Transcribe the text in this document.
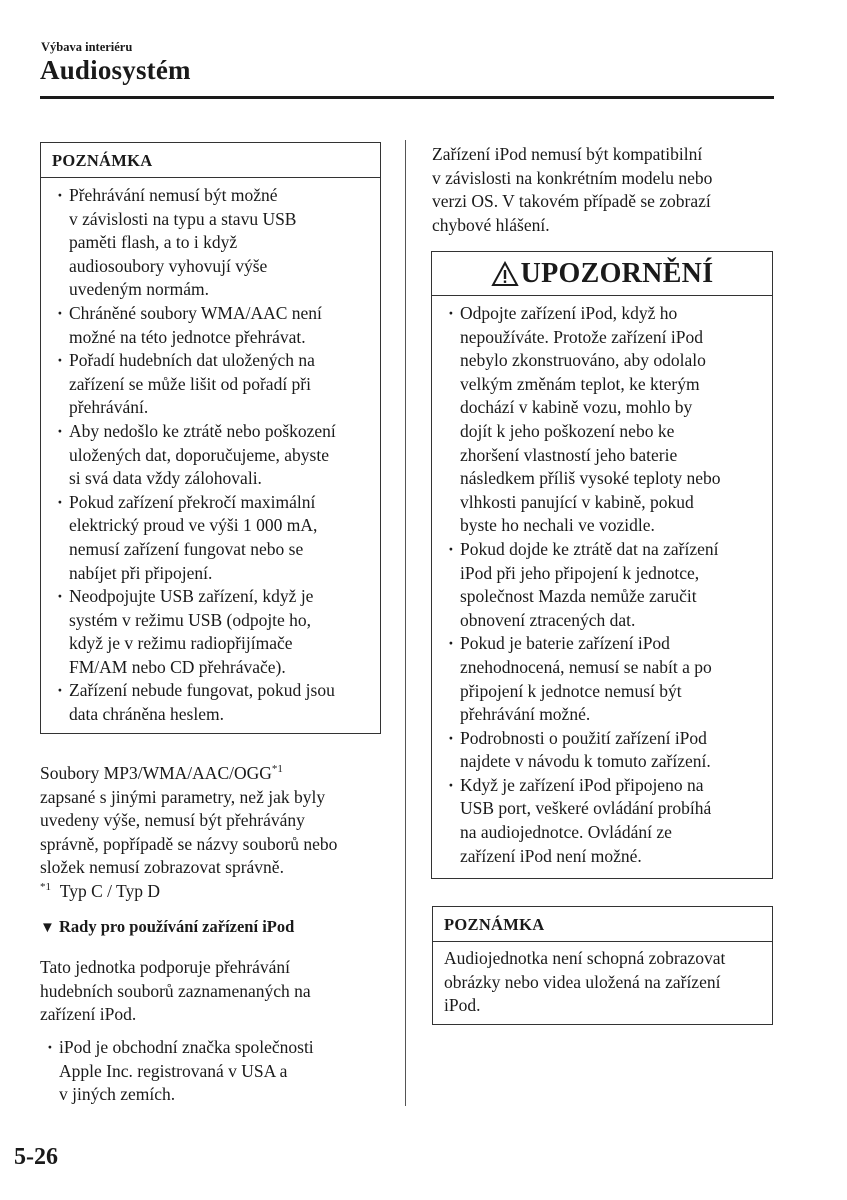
Výbava interiéru
Audiosystém
POZNÁMKA
· Přehrávání nemusí být možné
v závislosti na typu a stavu USB
paměti flash, a to i když
audiosoubory vyhovují výše
uvedeným normám.
· Chráněné soubory WMA/AAC není
možné na této jednotce přehrávat.
· Pořadí hudebních dat uložených na
zařízení se může lišit od pořadí při
přehrávání.
· Aby nedošlo ke ztrátě nebo poškození
uložených dat, doporučujeme, abyste
si svá data vždy zálohovali.
· Pokud zařízení překročí maximální
elektrický proud ve výši 1 000 mA,
nemusí zařízení fungovat nebo se
nabíjet při připojení.
· Neodpojujte USB zařízení, když je
systém v režimu USB (odpojte ho,
když je v režimu radiopřijímače
FM/AM nebo CD přehrávače).
· Zařízení nebude fungovat, pokud jsou
data chráněna heslem.
Soubory MP3/WMA/AAC/OGG$^{*1}$
zapsané s jinými parametry, než jak byly
uvedeny výše, nemusí být přehrávány
správně, popřípadě se názvy souborů nebo
složek nemusí zobrazovat správně.
$^{*1}$ Typ C / Typ D
▼ Rady pro používání zařízení iPod
Tato jednotka podporuje přehrávání
hudebních souborů zaznamenaných na
zařízení iPod.
· iPod je obchodní značka společnosti
Apple Inc. registrovaná v USA a
v jiných zemích.
Zařízení iPod nemusí být kompatibilní
v závislosti na konkrétním modelu nebo
verzi OS. V takovém případě se zobrazí
chybové hlášení.
UPOZORNĚNÍ
· Odpojte zařízení iPod, když ho
nepoužíváte. Protože zařízení iPod
nebylo zkonstruováno, aby odolalo
velkým změnám teplot, ke kterým
dochází v kabině vozu, mohlo by
dojít k jeho poškození nebo ke
zhoršení vlastností jeho baterie
následkem příliš vysoké teploty nebo
vlhkosti panující v kabině, pokud
byste ho nechali ve vozidle.
· Pokud dojde ke ztrátě dat na zařízení
iPod při jeho připojení k jednotce,
společnost Mazda nemůže zaručit
obnovení ztracených dat.
· Pokud je baterie zařízení iPod
znehodnocená, nemusí se nabít a po
připojení k jednotce nemusí být
přehrávání možné.
· Podrobnosti o použití zařízení iPod
najdete v návodu k tomuto zařízení.
· Když je zařízení iPod připojeno na
USB port, veškeré ovládání probíhá
na audiojednotce. Ovládání ze
zařízení iPod není možné.
POZNÁMKA
Audiojednotka není schopná zobrazovat
obrázky nebo videa uložená na zařízení
iPod.
5-26
